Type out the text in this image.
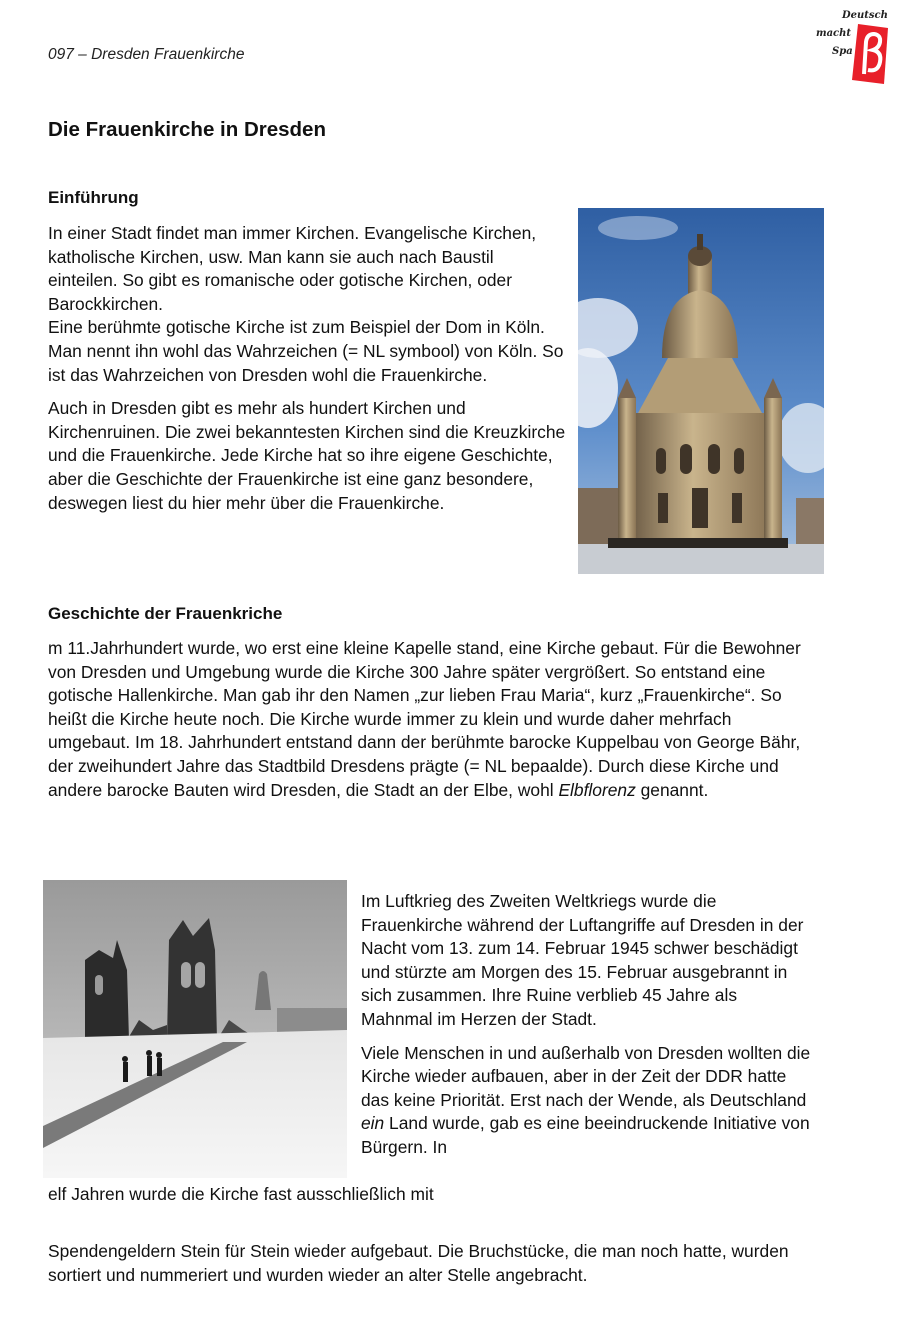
097 – Dresden Frauenkirche
Deutsch
macht
Spa
Die Frauenkirche in Dresden
Einführung

In einer Stadt findet man immer Kirchen. Evangelische Kirchen, katholische Kirchen, usw. Man kann sie auch nach Baustil einteilen. So gibt es romanische oder gotische Kirchen, oder Barockkirchen.
Eine berühmte gotische Kirche ist zum Beispiel der Dom in Köln. Man nennt ihn wohl das Wahrzeichen (= NL symbool) von Köln. So ist das Wahrzeichen von Dresden wohl die Frauenkirche.

Auch in Dresden gibt es mehr als hundert Kirchen und Kirchenruinen. Die zwei bekanntesten Kirchen sind die Kreuzkirche und die Frauenkirche. Jede Kirche hat so ihre eigene Geschichte, aber die Geschichte der Frauenkirche ist eine ganz besondere, deswegen liest du hier mehr über die Frauenkirche.

Geschichte der Frauenkriche

m 11.Jahrhundert wurde, wo erst eine kleine Kapelle stand, eine Kirche gebaut. Für die Bewohner von Dresden und Umgebung wurde die Kirche 300 Jahre später vergrößert. So entstand eine gotische Hallenkirche. Man gab ihr den Namen „zur lieben Frau Maria“, kurz „Frauenkirche“. So heißt die Kirche heute noch. Die Kirche wurde immer zu klein und wurde daher mehrfach umgebaut. Im 18. Jahrhundert entstand dann der berühmte barocke Kuppelbau von George Bähr, der zweihundert Jahre das Stadtbild Dresdens prägte (= NL bepaalde). Durch diese Kirche und andere barocke Bauten wird Dresden, die Stadt an der Elbe, wohl Elbflorenz genannt.

Im Luftkrieg des Zweiten Weltkriegs wurde die Frauenkirche während der Luftangriffe auf Dresden in der Nacht vom 13. zum 14. Februar 1945 schwer beschädigt und stürzte am Morgen des 15. Februar ausgebrannt in sich zusammen. Ihre Ruine verblieb 45 Jahre als Mahnmal im Herzen der Stadt.

Viele Menschen in und außerhalb von Dresden wollten die Kirche wieder aufbauen, aber in der Zeit der DDR hatte das keine Priorität. Erst nach der Wende, als Deutschland ein Land wurde, gab es eine beeindruckende Initiative von Bürgern. In

elf Jahren wurde die Kirche fast ausschließlich mit
Spendengeldern Stein für Stein wieder aufgebaut. Die Bruchstücke, die man noch hatte, wurden sortiert und nummeriert und wurden wieder an alter Stelle angebracht.
